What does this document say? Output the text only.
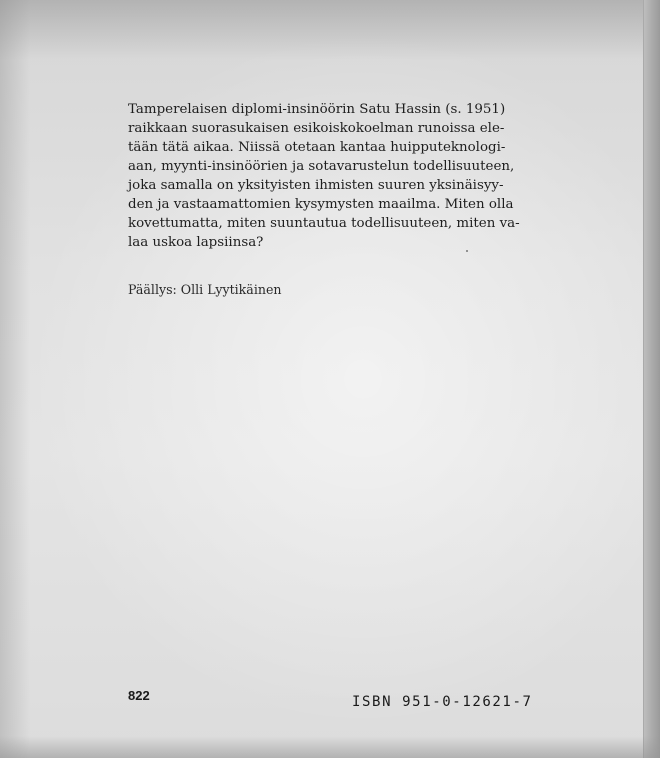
Tamperelaisen diplomi-insinöörin Satu Hassin (s. 1951)
raikkaan suorasukaisen esikoiskokoelman runoissa ele-
tään tätä aikaa. Niissä otetaan kantaa huipputeknologi-
aan, myynti-insinöörien ja sotavarustelun todellisuuteen,
joka samalla on yksityisten ihmisten suuren yksinäisyy-
den ja vastaamattomien kysymysten maailma. Miten olla
kovettumatta, miten suuntautua todellisuuteen, miten va-
laa uskoa lapsiinsa?
Päällys: Olli Lyytikäinen
822	ISBN 951-0-12621-7
